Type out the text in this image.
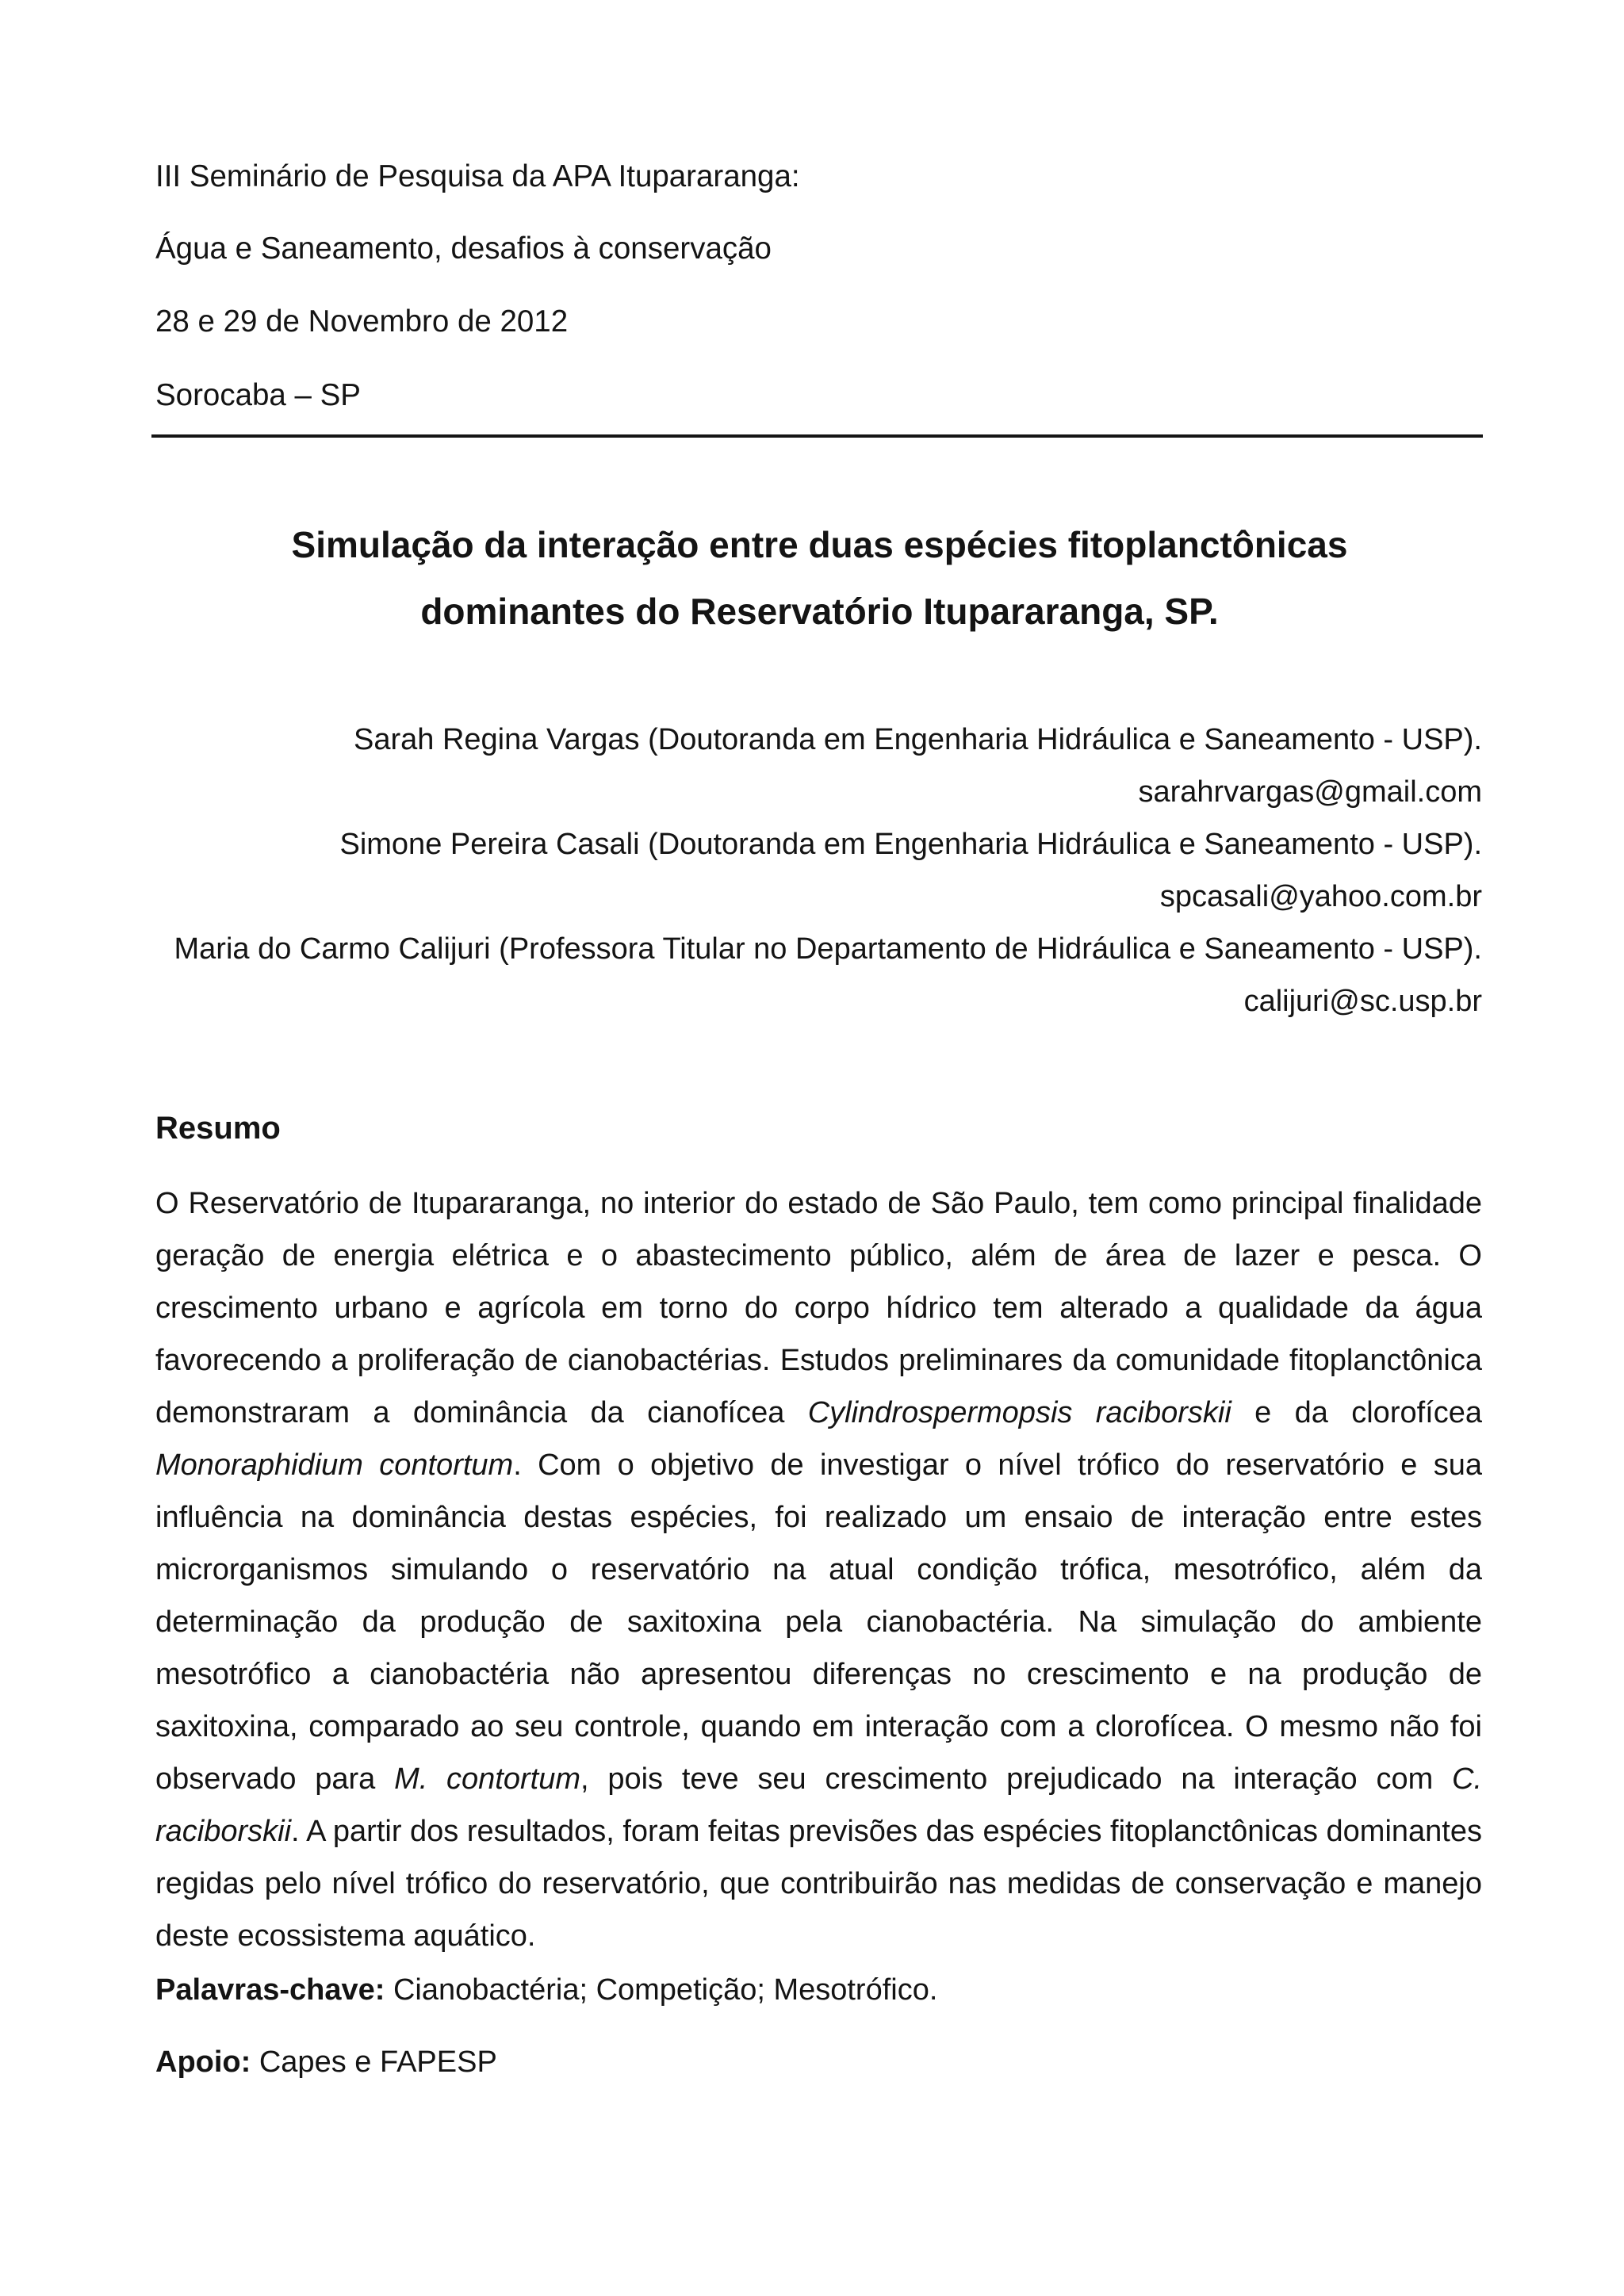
III Seminário de Pesquisa da APA Itupararanga:
Água e Saneamento, desafios à conservação
28 e 29 de Novembro de 2012
Sorocaba – SP
Simulação da interação entre duas espécies fitoplanctônicas
dominantes do Reservatório Itupararanga, SP.
Sarah Regina Vargas (Doutoranda em Engenharia Hidráulica e Saneamento - USP).
sarahrvargas@gmail.com
Simone Pereira Casali (Doutoranda em Engenharia Hidráulica e Saneamento - USP).
spcasali@yahoo.com.br
Maria do Carmo Calijuri (Professora Titular no Departamento de Hidráulica e Saneamento - USP).
calijuri@sc.usp.br
Resumo
O Reservatório de Itupararanga, no interior do estado de São Paulo, tem como principal finalidade geração de energia elétrica e o abastecimento público, além de área de lazer e pesca. O crescimento urbano e agrícola em torno do corpo hídrico tem alterado a qualidade da água favorecendo a proliferação de cianobactérias. Estudos preliminares da comunidade fitoplanctônica demonstraram a dominância da cianofícea Cylindrospermopsis raciborskii e da clorofícea Monoraphidium contortum. Com o objetivo de investigar o nível trófico do reservatório e sua influência na dominância destas espécies, foi realizado um ensaio de interação entre estes microrganismos simulando o reservatório na atual condição trófica, mesotrófico, além da determinação da produção de saxitoxina pela cianobactéria. Na simulação do ambiente mesotrófico a cianobactéria não apresentou diferenças no crescimento e na produção de saxitoxina, comparado ao seu controle, quando em interação com a clorofícea. O mesmo não foi observado para M. contortum, pois teve seu crescimento prejudicado na interação com C. raciborskii. A partir dos resultados, foram feitas previsões das espécies fitoplanctônicas dominantes regidas pelo nível trófico do reservatório, que contribuirão nas medidas de conservação e manejo deste ecossistema aquático.
Palavras-chave: Cianobactéria; Competição; Mesotrófico.
Apoio: Capes e FAPESP
